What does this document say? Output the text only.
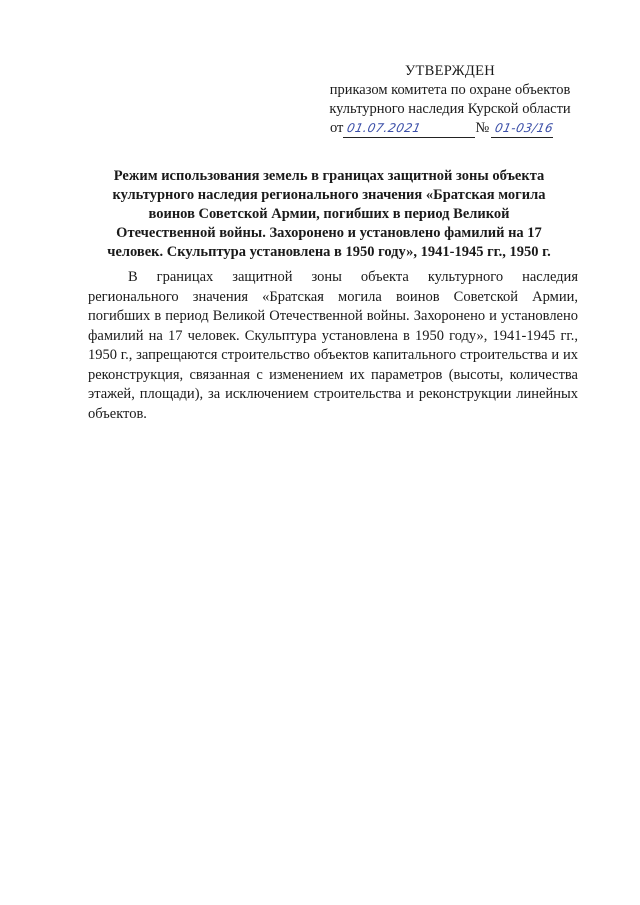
УТВЕРЖДЕН
приказом комитета по охране объектов
культурного наследия Курской области
от 01.07.2021	№ 01-03/16
Режим использования земель в границах защитной зоны объекта культурного наследия регионального значения «Братская могила воинов Советской Армии, погибших в период Великой Отечественной войны. Захоронено и установлено фамилий на 17 человек. Скульптура установлена в 1950 году», 1941-1945 гг., 1950 г.
В границах защитной зоны объекта культурного наследия регионального значения «Братская могила воинов Советской Армии, погибших в период Великой Отечественной войны. Захоронено и установлено фамилий на 17 человек. Скульптура установлена в 1950 году», 1941-1945 гг., 1950 г., запрещаются строительство объектов капитального строительства и их реконструкция, связанная с изменением их параметров (высоты, количества этажей, площади), за исключением строительства и реконструкции линейных объектов.
